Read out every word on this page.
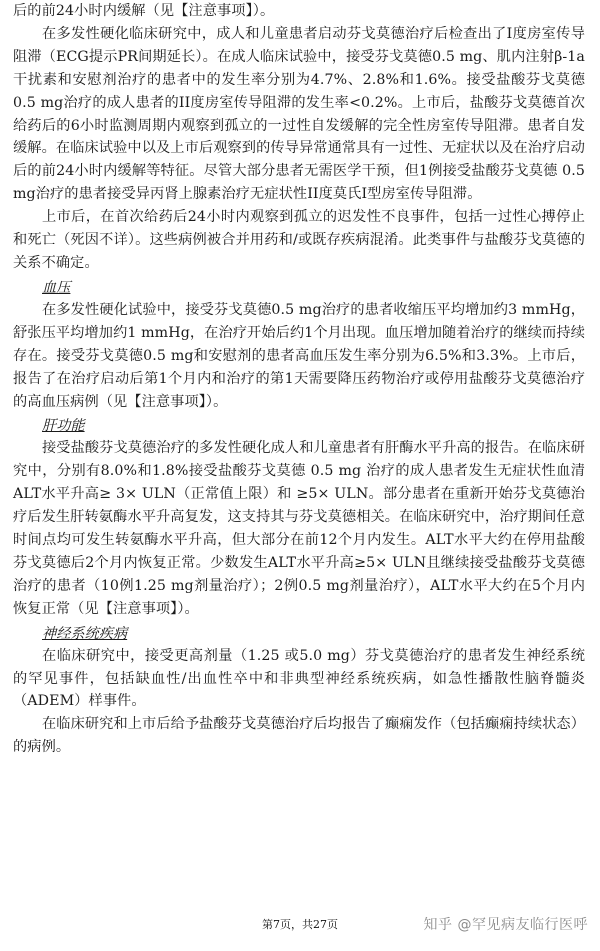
后的前24小时内缓解（见【注意事项】）。

在多发性硬化临床研究中，成人和儿童患者启动芬戈莫德治疗后检查出了I度房室传导阻滞（ECG提示PR间期延长）。在成人临床试验中，接受芬戈莫德0.5 mg、肌内注射β-1a干扰素和安慰剂治疗的患者中的发生率分别为4.7%、2.8%和1.6%。接受盐酸芬戈莫德 0.5 mg治疗的成人患者的II度房室传导阻滞的发生率<0.2%。上市后，盐酸芬戈莫德首次给药后的6小时监测周期内观察到孤立的一过性自发缓解的完全性房室传导阻滞。患者自发缓解。在临床试验中以及上市后观察到的传导异常通常具有一过性、无症状以及在治疗启动后的前24小时内缓解等特征。尽管大部分患者无需医学干预，但1例接受盐酸芬戈莫德 0.5 mg治疗的患者接受异丙肾上腺素治疗无症状性II度莫氏I型房室传导阻滞。

上市后，在首次给药后24小时内观察到孤立的迟发性不良事件，包括一过性心搏停止和死亡（死因不详）。这些病例被合并用药和/或既存疾病混淆。此类事件与盐酸芬戈莫德的关系不确定。

血压

在多发性硬化试验中，接受芬戈莫德0.5 mg治疗的患者收缩压平均增加约3 mmHg，舒张压平均增加约1 mmHg，在治疗开始后约1个月出现。血压增加随着治疗的继续而持续存在。接受芬戈莫德0.5 mg和安慰剂的患者高血压发生率分别为6.5%和3.3%。上市后，报告了在治疗启动后第1个月内和治疗的第1天需要降压药物治疗或停用盐酸芬戈莫德治疗的高血压病例（见【注意事项】）。

肝功能

接受盐酸芬戈莫德治疗的多发性硬化成人和儿童患者有肝酶水平升高的报告。在临床研究中，分别有8.0%和1.8%接受盐酸芬戈莫德 0.5 mg 治疗的成人患者发生无症状性血清ALT水平升高≥ 3× ULN（正常值上限）和 ≥5× ULN。部分患者在重新开始芬戈莫德治疗后发生肝转氨酶水平升高复发，这支持其与芬戈莫德相关。在临床研究中，治疗期间任意时间点均可发生转氨酶水平升高，但大部分在前12个月内发生。ALT水平大约在停用盐酸芬戈莫德后2个月内恢复正常。少数发生ALT水平升高≥5× ULN且继续接受盐酸芬戈莫德治疗的患者（10例1.25 mg剂量治疗）；2例0.5 mg剂量治疗），ALT水平大约在5个月内恢复正常（见【注意事项】）。

神经系统疾病

在临床研究中，接受更高剂量（1.25 或5.0 mg）芬戈莫德治疗的患者发生神经系统的罕见事件，包括缺血性/出血性卒中和非典型神经系统疾病，如急性播散性脑脊髓炎（ADEM）样事件。

在临床研究和上市后给予盐酸芬戈莫德治疗后均报告了癫痫发作（包括癫痫持续状态）的病例。

第7页，共27页	知乎 @罕见病友临行医呼
